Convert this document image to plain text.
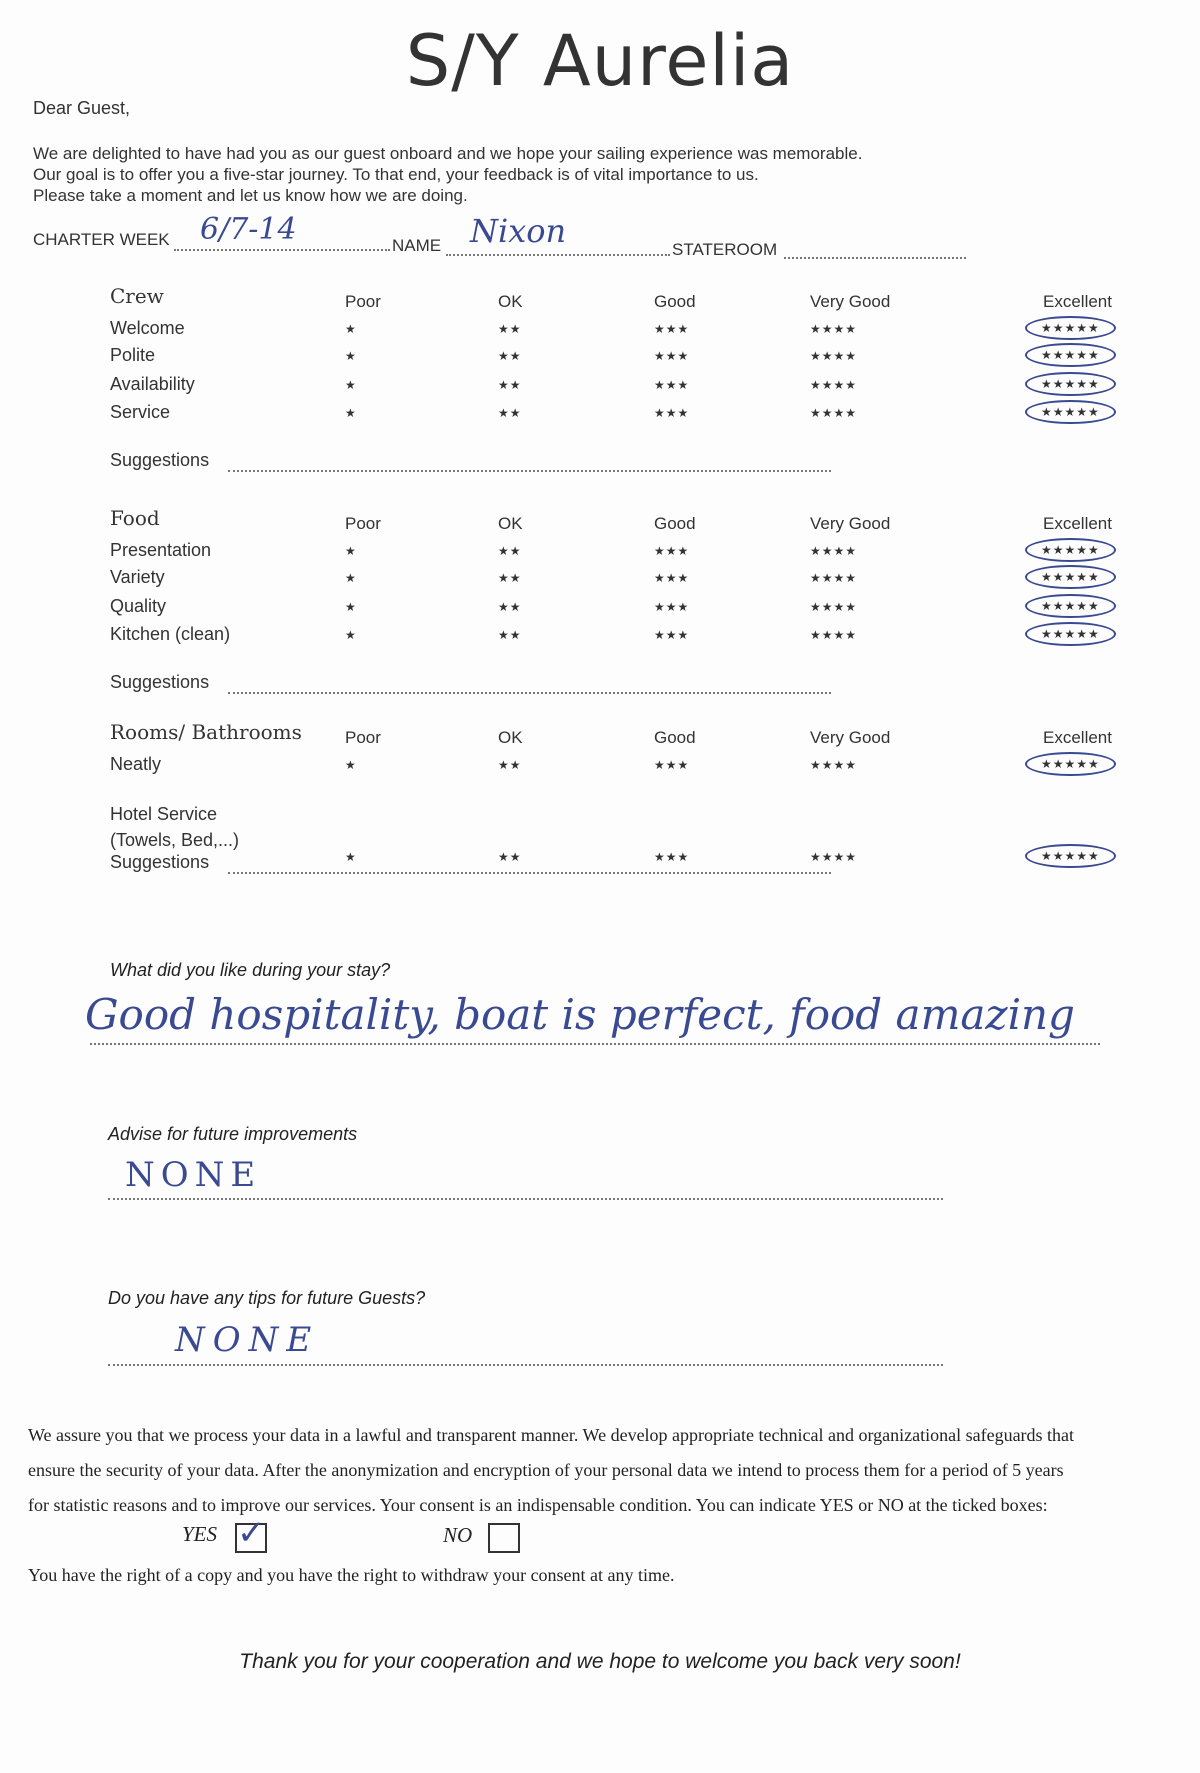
S/Y Aurelia
Dear Guest,
We are delighted to have had you as our guest onboard and we hope your sailing experience was memorable.
Our goal is to offer you a five-star journey. To that end, your feedback is of vital importance to us.
Please take a moment and let us know how we are doing.
CHARTER WEEK 6/7-14	NAME Nixon	STATEROOM
Crew	Poor	OK	Good	Very Good	Excellent
Welcome	★	★★	★★★	★★★★	★★★★★
Polite	★	★★	★★★	★★★★	★★★★★
Availability	★	★★	★★★	★★★★	★★★★★
Service	★	★★	★★★	★★★★	★★★★★
Suggestions
Food	Poor	OK	Good	Very Good	Excellent
Presentation	★	★★	★★★	★★★★	★★★★★
Variety	★	★★	★★★	★★★★	★★★★★
Quality	★	★★	★★★	★★★★	★★★★★
Kitchen (clean)	★	★★	★★★	★★★★	★★★★★
Suggestions
Rooms/ Bathrooms	Poor	OK	Good	Very Good	Excellent
Neatly	★	★★	★★★	★★★★	★★★★★
Hotel Service
(Towels, Bed,...)
★	★★	★★★	★★★★	★★★★★
Suggestions
What did you like during your stay?
Good hospitality, boat is perfect, food amazing
Advise for future improvements
NONE
Do you have any tips for future Guests?
NONE
We assure you that we process your data in a lawful and transparent manner. We develop appropriate technical and organizational safeguards that
ensure the security of your data. After the anonymization and encryption of your personal data we intend to process them for a period of 5 years
for statistic reasons and to improve our services. Your consent is an indispensable condition. You can indicate YES or NO at the ticked boxes:
YES ✓	NO
You have the right of a copy and you have the right to withdraw your consent at any time.
Thank you for your cooperation and we hope to welcome you back very soon!
